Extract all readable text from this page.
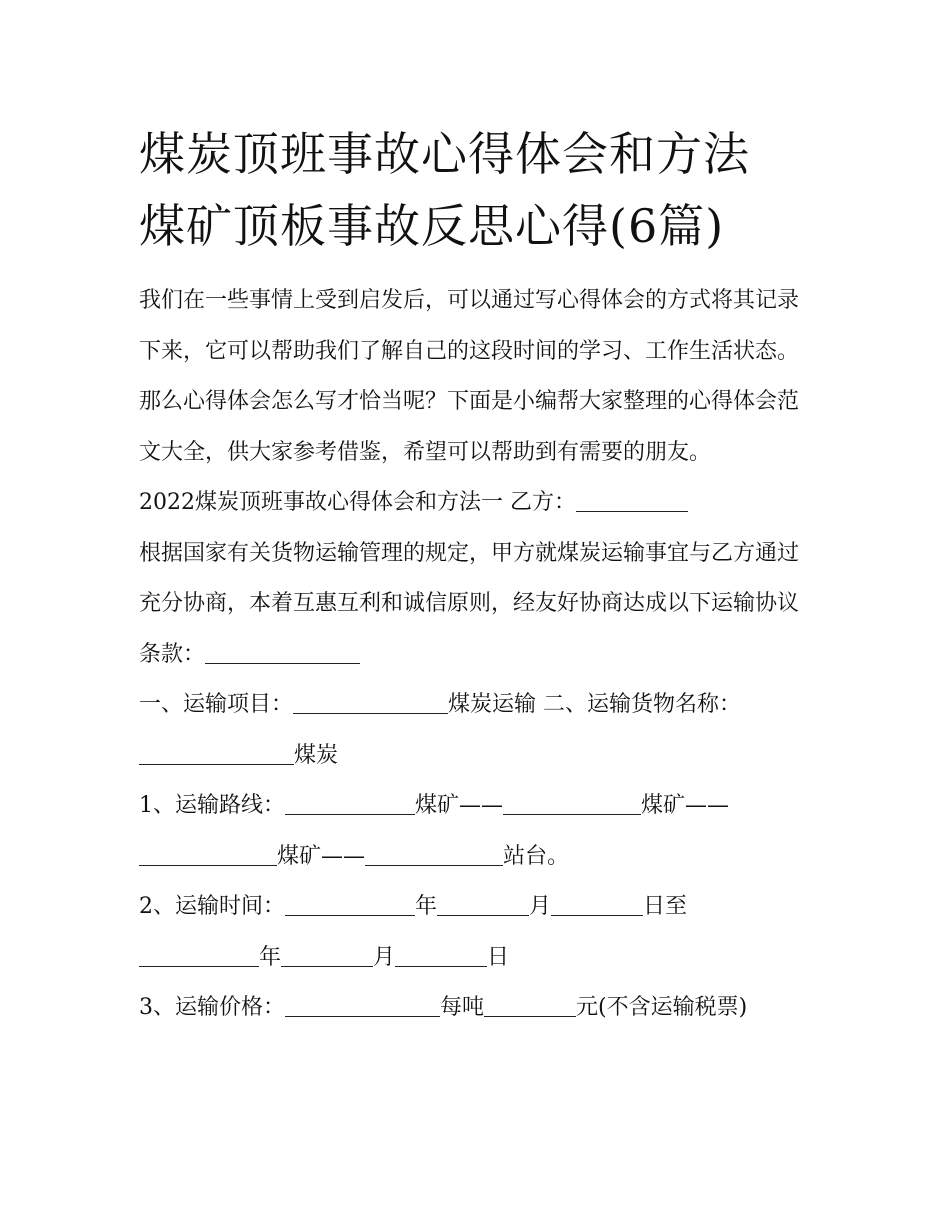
煤炭顶班事故心得体会和方法
煤矿顶板事故反思心得(6篇)

我们在一些事情上受到启发后，可以通过写心得体会的方式将其记录下来，它可以帮助我们了解自己的这段时间的学习、工作生活状态。那么心得体会怎么写才恰当呢？下面是小编帮大家整理的心得体会范文大全，供大家参考借鉴，希望可以帮助到有需要的朋友。

2022煤炭顶班事故心得体会和方法一 乙方：

根据国家有关货物运输管理的规定，甲方就煤炭运输事宜与乙方通过充分协商，本着互惠互利和诚信原则，经友好协商达成以下运输协议条款：

一、运输项目：	煤炭运输 二、运输货物名称：

煤炭

1、运输路线：	煤矿——	煤矿——

煤矿——	站台。

2、运输时间：	年	月	日至

年	月	日

3、运输价格：	每吨	元(不含运输税票)
